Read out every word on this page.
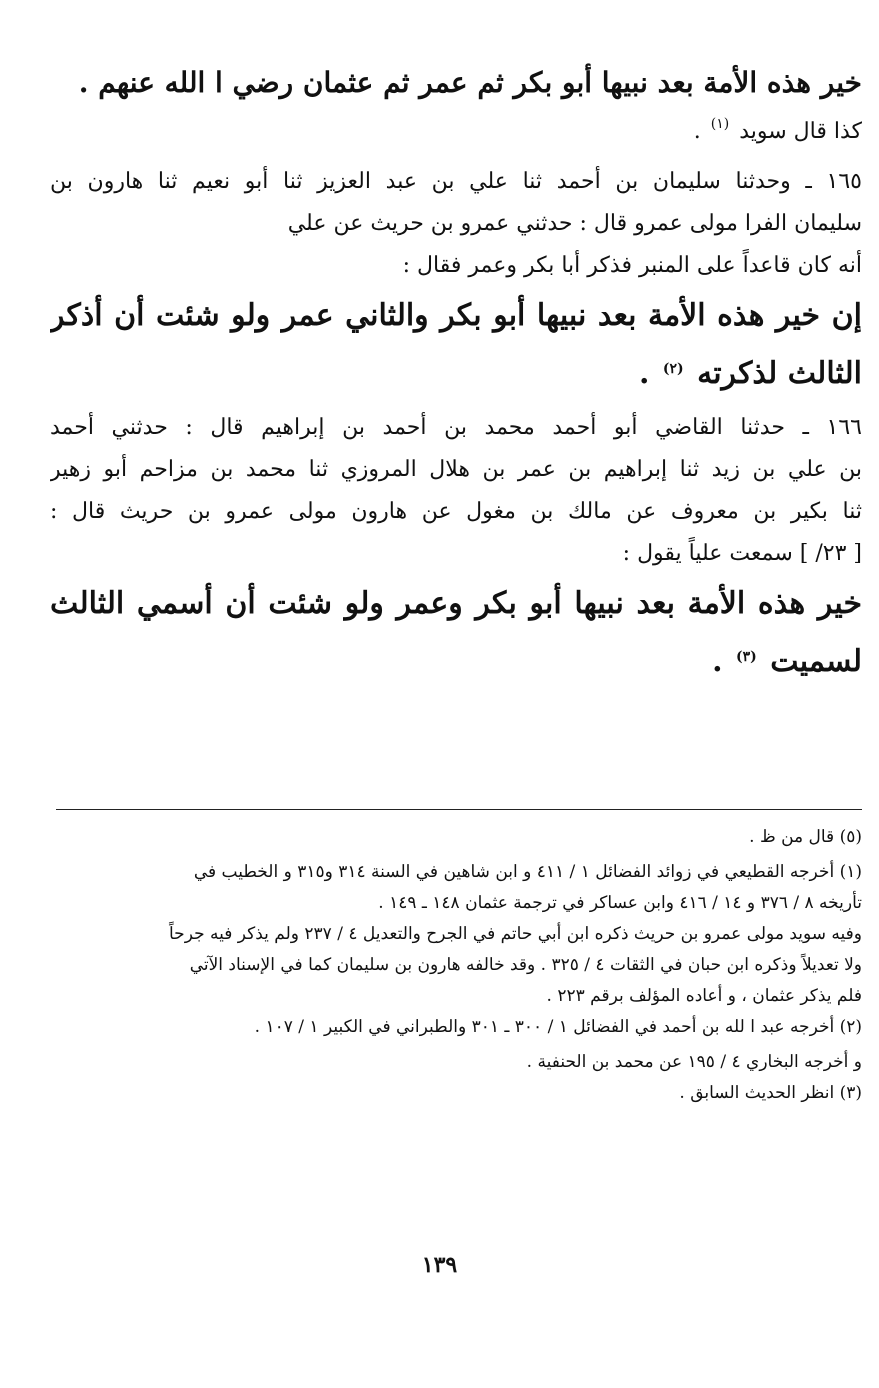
خير هذه الأمة بعد نبيها أبو بكر ثم عمر ثم عثمان رضي ا الله عنهم .
كذا قال سويد $^{(١)}$ .
١٦٥ ـ وحدثنا سليمان بن أحمد ثنا علي بن عبد العزيز ثنا أبو نعيم ثنا هارون بن
سليمان الفرا مولى عمرو قال : حدثني عمرو بن حريث عن علي
أنه كان قاعداً على المنبر فذكر أبا بكر وعمر فقال :
إن خير هذه الأمة بعد نبيها أبو بكر والثاني عمر ولو شئت أن أذكر
الثالث لذكرته $^{(٢)}$ .
١٦٦ ـ حدثنا القاضي أبو أحمد محمد بن أحمد بن إبراهيم قال : حدثني أحمد
بن علي بن زيد ثنا إبراهيم بن عمر بن هلال المروزي ثنا محمد بن مزاحم أبو زهير
ثنا بكير بن معروف عن مالك بن مغول عن هارون مولى عمرو بن حريث قال :
[ ٢٣/ ] سمعت علياً يقول :
خير هذه الأمة بعد نبيها أبو بكر وعمر ولو شئت أن أسمي الثالث
لسميت $^{(٣)}$ .
(٥) قال من ظ .
(١) أخرجه القطيعي في زوائد الفضائل ١ / ٤١١ و ابن شاهين في السنة ٣١٤ و٣١٥ و الخطيب في
تأريخه ٨ / ٣٧٦ و ١٤ / ٤١٦ وابن عساكر في ترجمة عثمان ١٤٨ ـ ١٤٩ .
وفيه سويد مولى عمرو بن حريث ذكره ابن أبي حاتم في الجرح والتعديل ٤ / ٢٣٧ ولم يذكر فيه جرحاً
ولا تعديلاً وذكره ابن حبان في الثقات ٤ / ٣٢٥ . وقد خالفه هارون بن سليمان كما في الإسناد الآتي
فلم يذكر عثمان ، و أعاده المؤلف برقم ٢٢٣ .
(٢) أخرجه عبد ا لله بن أحمد في الفضائل ١ / ٣٠٠ ـ ٣٠١ والطبراني في الكبير ١ / ١٠٧ .
و أخرجه البخاري ٤ / ١٩٥ عن محمد بن الحنفية .
(٣) انظر الحديث السابق .
١٣٩
